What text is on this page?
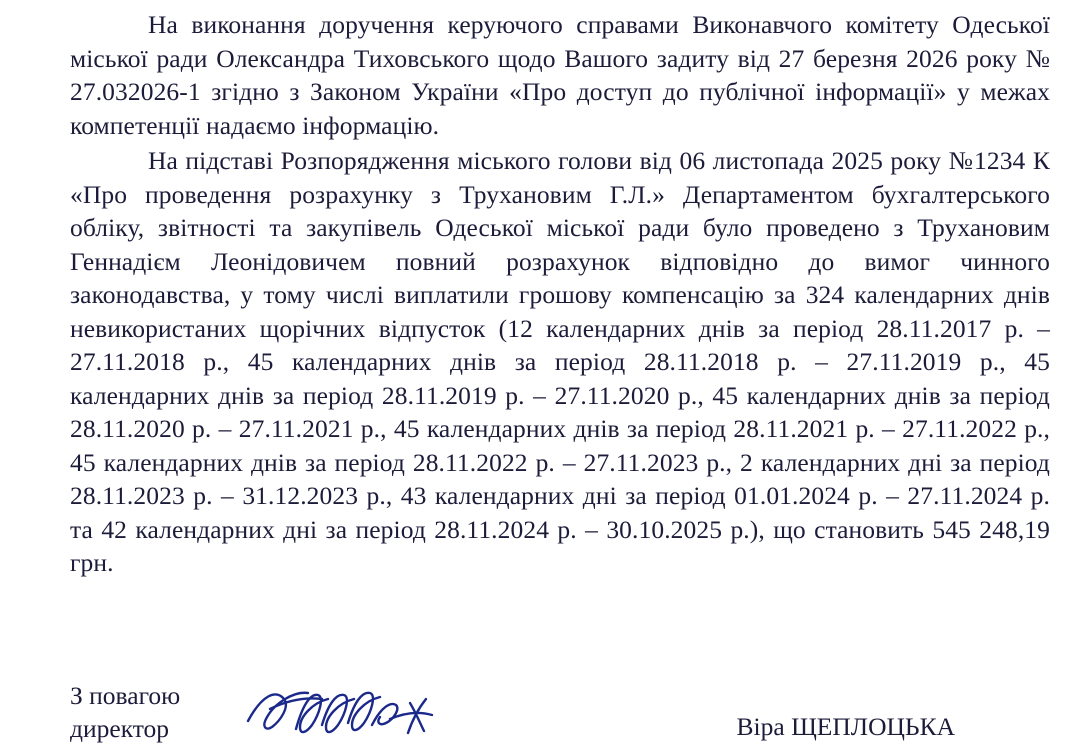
На виконання доручення керуючого справами Виконавчого комітету Одеської міської ради Олександра Тиховського щодо Вашого задиту від 27 березня 2026 року № 27.032026-1 згідно з Законом України «Про доступ до публічної інформації» у межах компетенції надаємо інформацію.

На підставі Розпорядження міського голови від 06 листопада 2025 року №1234 К «Про проведення розрахунку з Трухановим Г.Л.» Департаментом бухгалтерського обліку, звітності та закупівель Одеської міської ради було проведено з Трухановим Геннадієм Леонідовичем повний розрахунок відповідно до вимог чинного законодавства, у тому числі виплатили грошову компенсацію за 324 календарних днів невикористаних щорічних відпусток (12 календарних днів за період 28.11.2017 р. – 27.11.2018 р., 45 календарних днів за період 28.11.2018 р. – 27.11.2019 р., 45 календарних днів за період 28.11.2019 р. – 27.11.2020 р., 45 календарних днів за період 28.11.2020 р. – 27.11.2021 р., 45 календарних днів за період 28.11.2021 р. – 27.11.2022 р., 45 календарних днів за період 28.11.2022 р. – 27.11.2023 р., 2 календарних дні за період 28.11.2023 р. – 31.12.2023 р., 43 календарних дні за період 01.01.2024 р. – 27.11.2024 р. та 42 календарних дні за період 28.11.2024 р. – 30.10.2025 р.), що становить 545 248,19 грн.

З повагою
директор	Віра ЩЕПЛОЦЬКА
